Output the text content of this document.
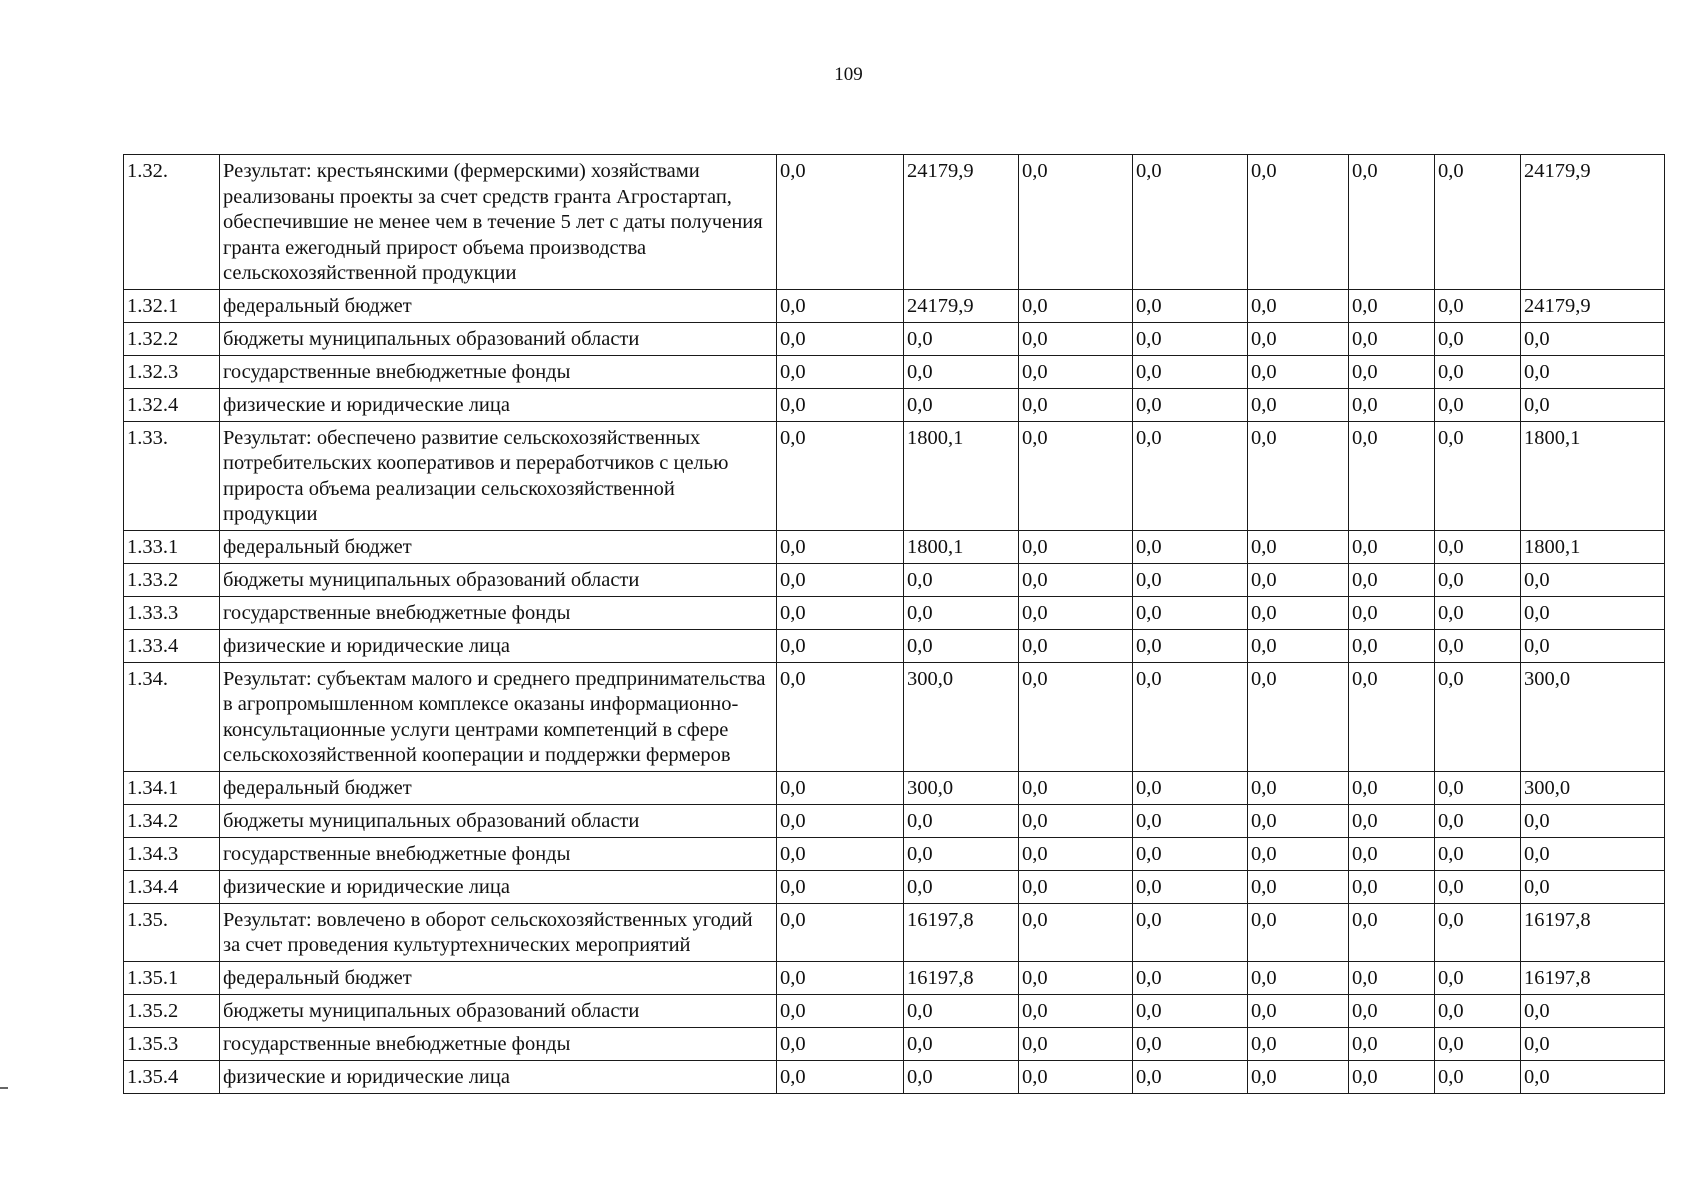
109
1.32.	Результат: крестьянскими (фермерскими) хозяйствами реализованы проекты за счет средств гранта Агростартап, обеспечившие не менее чем в течение 5 лет с даты получения гранта ежегодный прирост объема производства сельскохозяйственной продукции	0,0	24179,9	0,0	0,0	0,0	0,0	0,0	24179,9
1.32.1	федеральный бюджет	0,0	24179,9	0,0	0,0	0,0	0,0	0,0	24179,9
1.32.2	бюджеты муниципальных образований области	0,0	0,0	0,0	0,0	0,0	0,0	0,0	0,0
1.32.3	государственные внебюджетные фонды	0,0	0,0	0,0	0,0	0,0	0,0	0,0	0,0
1.32.4	физические и юридические лица	0,0	0,0	0,0	0,0	0,0	0,0	0,0	0,0
1.33.	Результат: обеспечено развитие сельскохозяйственных потребительских кооперативов и переработчиков с целью прироста объема реализации сельскохозяйственной продукции	0,0	1800,1	0,0	0,0	0,0	0,0	0,0	1800,1
1.33.1	федеральный бюджет	0,0	1800,1	0,0	0,0	0,0	0,0	0,0	1800,1
1.33.2	бюджеты муниципальных образований области	0,0	0,0	0,0	0,0	0,0	0,0	0,0	0,0
1.33.3	государственные внебюджетные фонды	0,0	0,0	0,0	0,0	0,0	0,0	0,0	0,0
1.33.4	физические и юридические лица	0,0	0,0	0,0	0,0	0,0	0,0	0,0	0,0
1.34.	Результат: субъектам малого и среднего предпринимательства в агропромышленном комплексе оказаны информационно-консультационные услуги центрами компетенций в сфере сельскохозяйственной кооперации и поддержки фермеров	0,0	300,0	0,0	0,0	0,0	0,0	0,0	300,0
1.34.1	федеральный бюджет	0,0	300,0	0,0	0,0	0,0	0,0	0,0	300,0
1.34.2	бюджеты муниципальных образований области	0,0	0,0	0,0	0,0	0,0	0,0	0,0	0,0
1.34.3	государственные внебюджетные фонды	0,0	0,0	0,0	0,0	0,0	0,0	0,0	0,0
1.34.4	физические и юридические лица	0,0	0,0	0,0	0,0	0,0	0,0	0,0	0,0
1.35.	Результат: вовлечено в оборот сельскохозяйственных угодий за счет проведения культуртехнических мероприятий	0,0	16197,8	0,0	0,0	0,0	0,0	0,0	16197,8
1.35.1	федеральный бюджет	0,0	16197,8	0,0	0,0	0,0	0,0	0,0	16197,8
1.35.2	бюджеты муниципальных образований области	0,0	0,0	0,0	0,0	0,0	0,0	0,0	0,0
1.35.3	государственные внебюджетные фонды	0,0	0,0	0,0	0,0	0,0	0,0	0,0	0,0
1.35.4	физические и юридические лица	0,0	0,0	0,0	0,0	0,0	0,0	0,0	0,0
